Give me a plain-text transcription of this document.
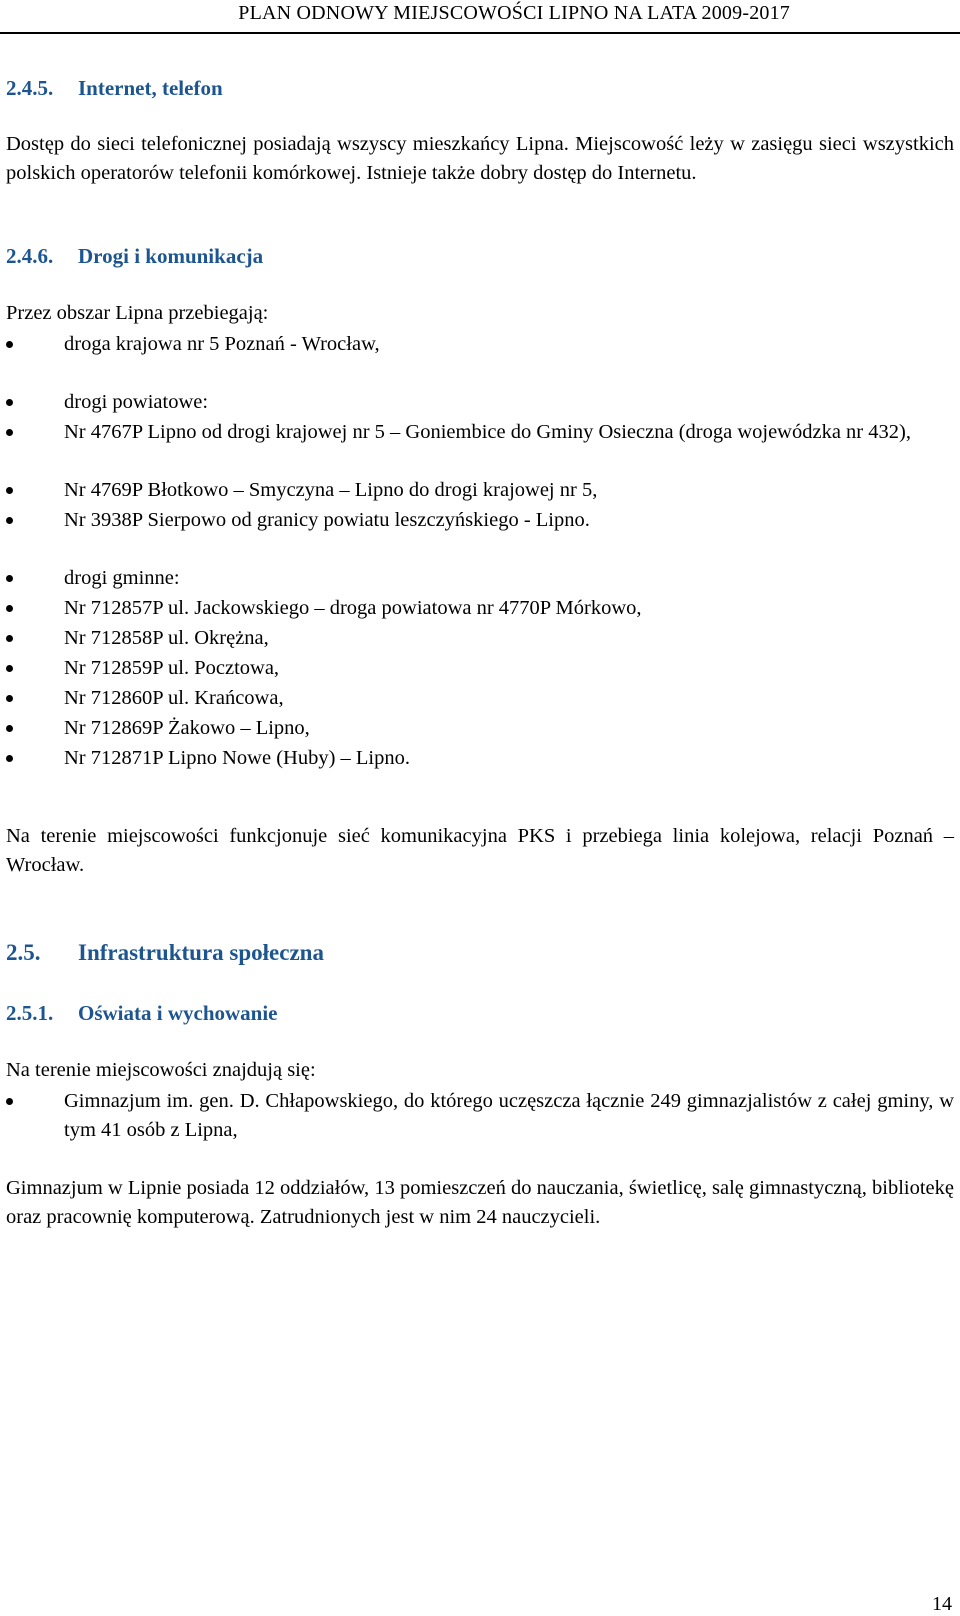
PLAN ODNOWY MIEJSCOWOŚCI LIPNO NA LATA 2009-2017
2.4.5. Internet, telefon
Dostęp do sieci telefonicznej posiadają wszyscy mieszkańcy Lipna. Miejscowość leży w zasięgu sieci wszystkich polskich operatorów telefonii komórkowej. Istnieje także dobry dostęp do Internetu.
2.4.6. Drogi i komunikacja
Przez obszar Lipna przebiegają:
droga krajowa nr 5 Poznań - Wrocław,
drogi powiatowe:
Nr 4767P Lipno od drogi krajowej nr 5 – Goniembice do Gminy Osieczna (droga wojewódzka nr 432),
Nr 4769P Błotkowo – Smyczyna – Lipno do drogi krajowej nr 5,
Nr 3938P Sierpowo od granicy powiatu leszczyńskiego - Lipno.
drogi gminne:
Nr 712857P ul. Jackowskiego – droga powiatowa nr 4770P Mórkowo,
Nr 712858P ul. Okrężna,
Nr 712859P ul. Pocztowa,
Nr 712860P ul. Krańcowa,
Nr 712869P Żakowo – Lipno,
Nr 712871P Lipno Nowe (Huby) – Lipno.
Na terenie miejscowości funkcjonuje sieć komunikacyjna PKS i przebiega linia kolejowa, relacji Poznań – Wrocław.
2.5. Infrastruktura społeczna
2.5.1. Oświata i wychowanie
Na terenie miejscowości znajdują się:
Gimnazjum im. gen. D. Chłapowskiego, do którego uczęszcza łącznie 249 gimnazjalistów z całej gminy, w tym 41 osób z Lipna,
Gimnazjum w Lipnie posiada 12 oddziałów, 13 pomieszczeń do nauczania, świetlicę, salę gimnastyczną, bibliotekę oraz pracownię komputerową. Zatrudnionych jest w nim 24 nauczycieli.
14
